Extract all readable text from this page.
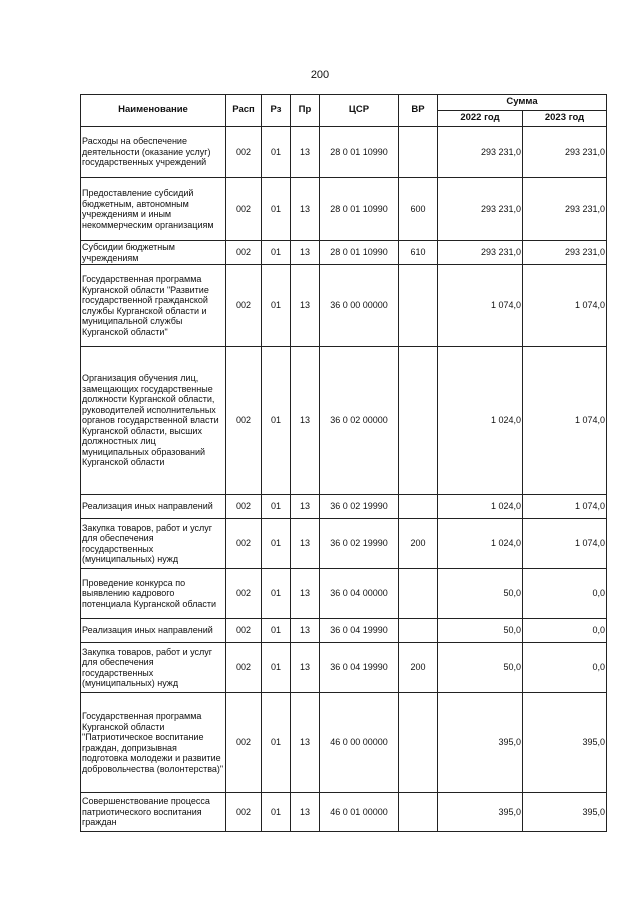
200
Наименование	Расп	Рз	Пр	ЦСР	ВР	Сумма	
						2022 год	2023 год
Расходы на обеспечение деятельности (оказание услуг) государственных учреждений	002	01	13	28 0 01 10990		293 231,0	293 231,0
Предоставление субсидий бюджетным, автономным учреждениям и иным некоммерческим организациям	002	01	13	28 0 01 10990	600	293 231,0	293 231,0
Субсидии бюджетным учреждениям	002	01	13	28 0 01 10990	610	293 231,0	293 231,0
Государственная программа Курганской области "Развитие государственной гражданской службы Курганской области и муниципальной службы Курганской области"	002	01	13	36 0 00 00000		1 074,0	1 074,0
Организация обучения лиц, замещающих государственные должности Курганской области, руководителей исполнительных органов государственной власти Курганской области, высших должностных лиц муниципальных образований Курганской области	002	01	13	36 0 02 00000		1 024,0	1 074,0
Реализация иных направлений	002	01	13	36 0 02 19990		1 024,0	1 074,0
Закупка товаров, работ и услуг для обеспечения государственных (муниципальных) нужд	002	01	13	36 0 02 19990	200	1 024,0	1 074,0
Проведение конкурса по выявлению кадрового потенциала Курганской области	002	01	13	36 0 04 00000		50,0	0,0
Реализация иных направлений	002	01	13	36 0 04 19990		50,0	0,0
Закупка товаров, работ и услуг для обеспечения государственных (муниципальных) нужд	002	01	13	36 0 04 19990	200	50,0	0,0
Государственная программа Курганской области "Патриотическое воспитание граждан, допризывная подготовка молодежи и развитие добровольчества (волонтерства)"	002	01	13	46 0 00 00000		395,0	395,0
Совершенствование процесса патриотического воспитания граждан	002	01	13	46 0 01 00000		395,0	395,0
